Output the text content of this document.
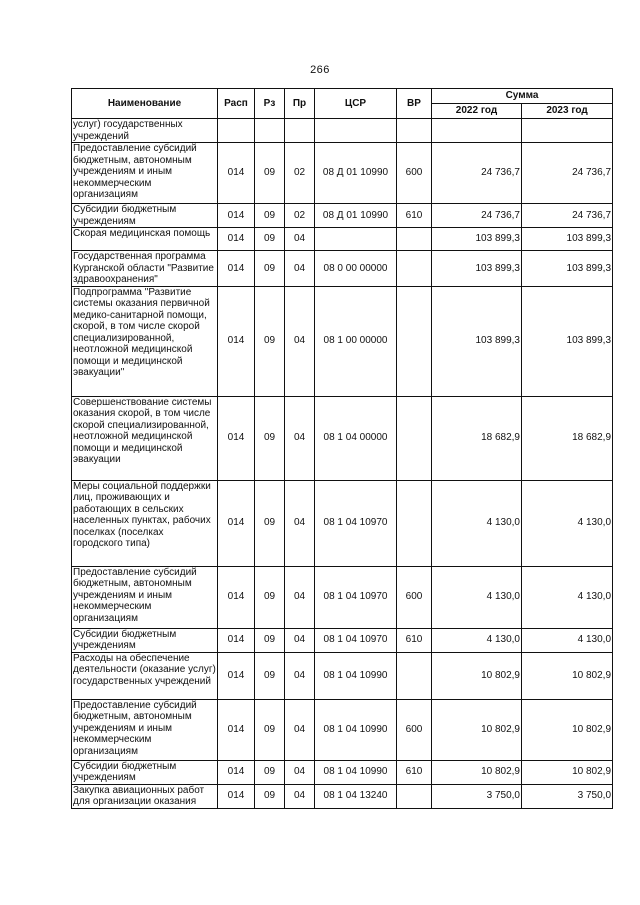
266
Наименование	Расп	Рз	Пр	ЦСР	ВР	Сумма	
						2022 год	2023 год
услуг) государственных учреждений							
Предоставление субсидий бюджетным, автономным учреждениям и иным некоммерческим организациям	014	09	02	08 Д 01 10990	600	24 736,7	24 736,7
Субсидии бюджетным учреждениям	014	09	02	08 Д 01 10990	610	24 736,7	24 736,7
Скорая медицинская помощь	014	09	04			103 899,3	103 899,3
Государственная программа Курганской области "Развитие здравоохранения"	014	09	04	08 0 00 00000		103 899,3	103 899,3
Подпрограмма "Развитие системы оказания первичной медико-санитарной помощи, скорой, в том числе скорой специализированной, неотложной медицинской помощи и медицинской эвакуации"	014	09	04	08 1 00 00000		103 899,3	103 899,3
Совершенствование системы оказания скорой, в том числе скорой специализированной, неотложной медицинской помощи и медицинской эвакуации	014	09	04	08 1 04 00000		18 682,9	18 682,9
Меры социальной поддержки лиц, проживающих и работающих в сельских населенных пунктах, рабочих поселках (поселках городского типа)	014	09	04	08 1 04 10970		4 130,0	4 130,0
Предоставление субсидий бюджетным, автономным учреждениям и иным некоммерческим организациям	014	09	04	08 1 04 10970	600	4 130,0	4 130,0
Субсидии бюджетным учреждениям	014	09	04	08 1 04 10970	610	4 130,0	4 130,0
Расходы на обеспечение деятельности (оказание услуг) государственных учреждений	014	09	04	08 1 04 10990		10 802,9	10 802,9
Предоставление субсидий бюджетным, автономным учреждениям и иным некоммерческим организациям	014	09	04	08 1 04 10990	600	10 802,9	10 802,9
Субсидии бюджетным учреждениям	014	09	04	08 1 04 10990	610	10 802,9	10 802,9
Закупка авиационных работ для организации оказания	014	09	04	08 1 04 13240		3 750,0	3 750,0
